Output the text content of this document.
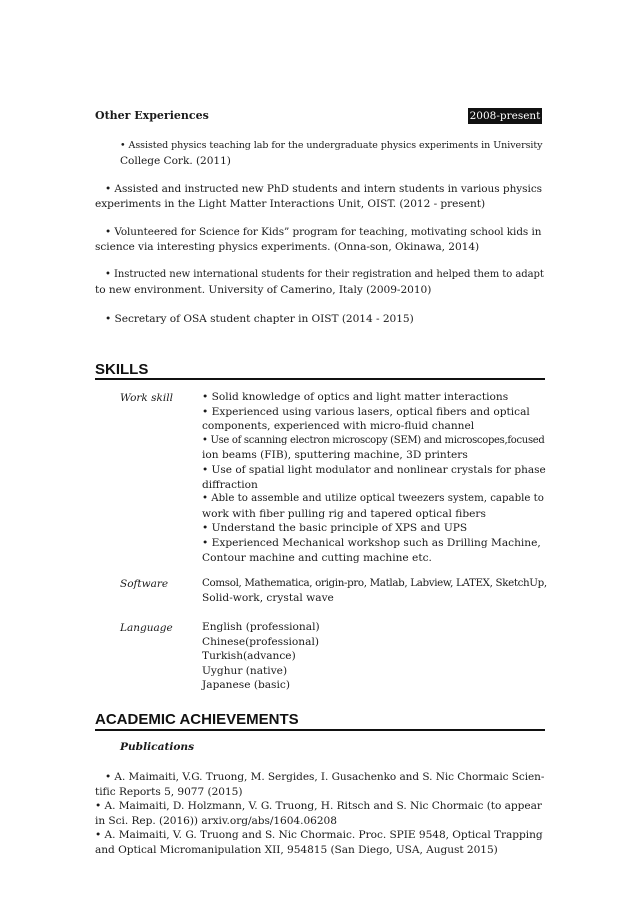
Other Experiences	2008-present
• Assisted physics teaching lab for the undergraduate physics experiments in University
College Cork. (2011)
• Assisted and instructed new PhD students and intern students in various physics
experiments in the Light Matter Interactions Unit, OIST. (2012 - present)
• Volunteered for Science for Kids” program for teaching, motivating school kids in
science via interesting physics experiments. (Onna-son, Okinawa, 2014)
• Instructed new international students for their registration and helped them to adapt
to new environment. University of Camerino, Italy (2009-2010)
• Secretary of OSA student chapter in OIST (2014 - 2015)
SKILLS
Work skill	• Solid knowledge of optics and light matter interactions
• Experienced using various lasers, optical fibers and optical
components, experienced with micro-fluid channel
• Use of scanning electron microscopy (SEM) and microscopes,focused
ion beams (FIB), sputtering machine, 3D printers
• Use of spatial light modulator and nonlinear crystals for phase
diffraction
• Able to assemble and utilize optical tweezers system, capable to
work with fiber pulling rig and tapered optical fibers
• Understand the basic principle of XPS and UPS
• Experienced Mechanical workshop such as Drilling Machine,
Contour machine and cutting machine etc.
Software	Comsol, Mathematica, origin-pro, Matlab, Labview, LATEX, SketchUp,
Solid-work, crystal wave
Language	English (professional)
Chinese(professional)
Turkish(advance)
Uyghur (native)
Japanese (basic)
ACADEMIC ACHIEVEMENTS
Publications
• A. Maimaiti, V.G. Truong, M. Sergides, I. Gusachenko and S. Nic Chormaic Scien-
tific Reports 5, 9077 (2015)
• A. Maimaiti, D. Holzmann, V. G. Truong, H. Ritsch and S. Nic Chormaic (to appear
in Sci. Rep. (2016)) arxiv.org/abs/1604.06208
• A. Maimaiti, V. G. Truong and S. Nic Chormaic. Proc. SPIE 9548, Optical Trapping
and Optical Micromanipulation XII, 954815 (San Diego, USA, August 2015)
